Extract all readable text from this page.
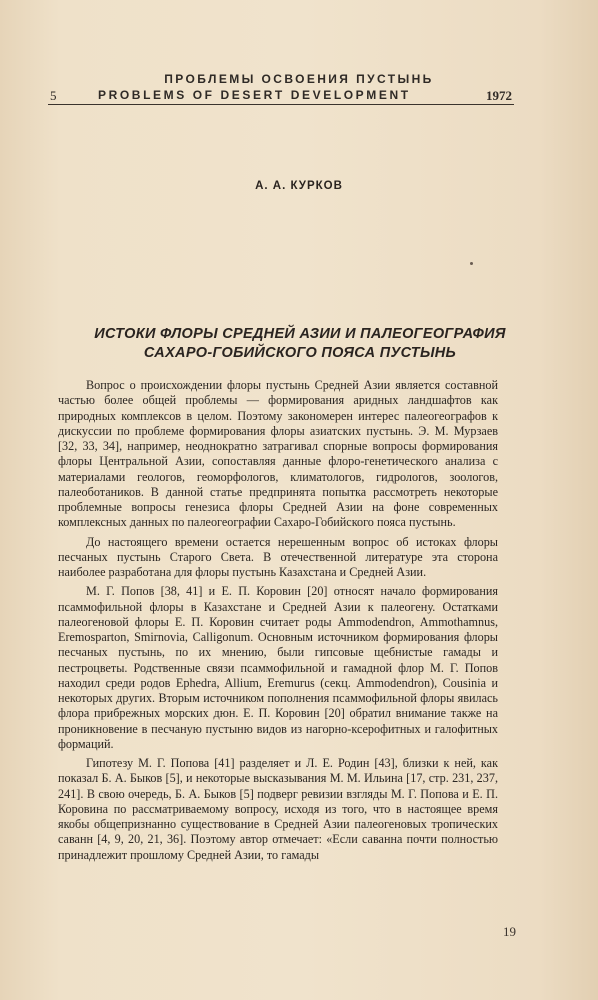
ПРОБЛЕМЫ ОСВОЕНИЯ ПУСТЫНЬ
5	PROBLEMS OF DESERT DEVELOPMENT	1972
А. А. КУРКОВ
ИСТОКИ ФЛОРЫ СРЕДНЕЙ АЗИИ И ПАЛЕОГЕОГРАФИЯ
САХАРО-ГОБИЙСКОГО ПОЯСА ПУСТЫНЬ

Вопрос о происхождении флоры пустынь Средней Азии является составной частью более общей проблемы — формирования аридных ландшафтов как природных комплексов в целом. Поэтому закономерен интерес палеогеографов к дискуссии по проблеме формирования флоры азиатских пустынь. Э. М. Мурзаев [32, 33, 34], например, неоднократно затрагивал спорные вопросы формирования флоры Центральной Азии, сопоставляя данные флоро-генетического анализа с материалами геологов, геоморфологов, климатологов, гидрологов, зоологов, палеоботаников. В данной статье предпринята попытка рассмотреть некоторые проблемные вопросы генезиса флоры Средней Азии на фоне современных комплексных данных по палеогеографии Сахаро-Гобийского пояса пустынь.

До настоящего времени остается нерешенным вопрос об истоках флоры песчаных пустынь Старого Света. В отечественной литературе эта сторона наиболее разработана для флоры пустынь Казахстана и Средней Азии.

М. Г. Попов [38, 41] и Е. П. Коровин [20] относят начало формирования псаммофильной флоры в Казахстане и Средней Азии к палеогену. Остатками палеогеновой флоры Е. П. Коровин считает роды Ammodendron, Ammothamnus, Eremosparton, Smirnovia, Calligonum. Основным источником формирования флоры песчаных пустынь, по их мнению, были гипсовые щебнистые гамады и пестроцветы. Родственные связи псаммофильной и гамадной флор М. Г. Попов находил среди родов Ephedra, Allium, Eremurus (секц. Ammodendron), Cousinia и некоторых других. Вторым источником пополнения псаммофильной флоры явилась флора прибрежных морских дюн. Е. П. Коровин [20] обратил внимание также на проникновение в песчаную пустыню видов из нагорно-ксерофитных и галофитных формаций.

Гипотезу М. Г. Попова [41] разделяет и Л. Е. Родин [43], близки к ней, как показал Б. А. Быков [5], и некоторые высказывания М. М. Ильина [17, стр. 231, 237, 241]. В свою очередь, Б. А. Быков [5] подверг ревизии взгляды М. Г. Попова и Е. П. Коровина по рассматриваемому вопросу, исходя из того, что в настоящее время якобы общепризнанно существование в Средней Азии палеогеновых тропических саванн [4, 9, 20, 21, 36]. Поэтому автор отмечает: «Если саванна почти полностью принадлежит прошлому Средней Азии, то гамады

19
